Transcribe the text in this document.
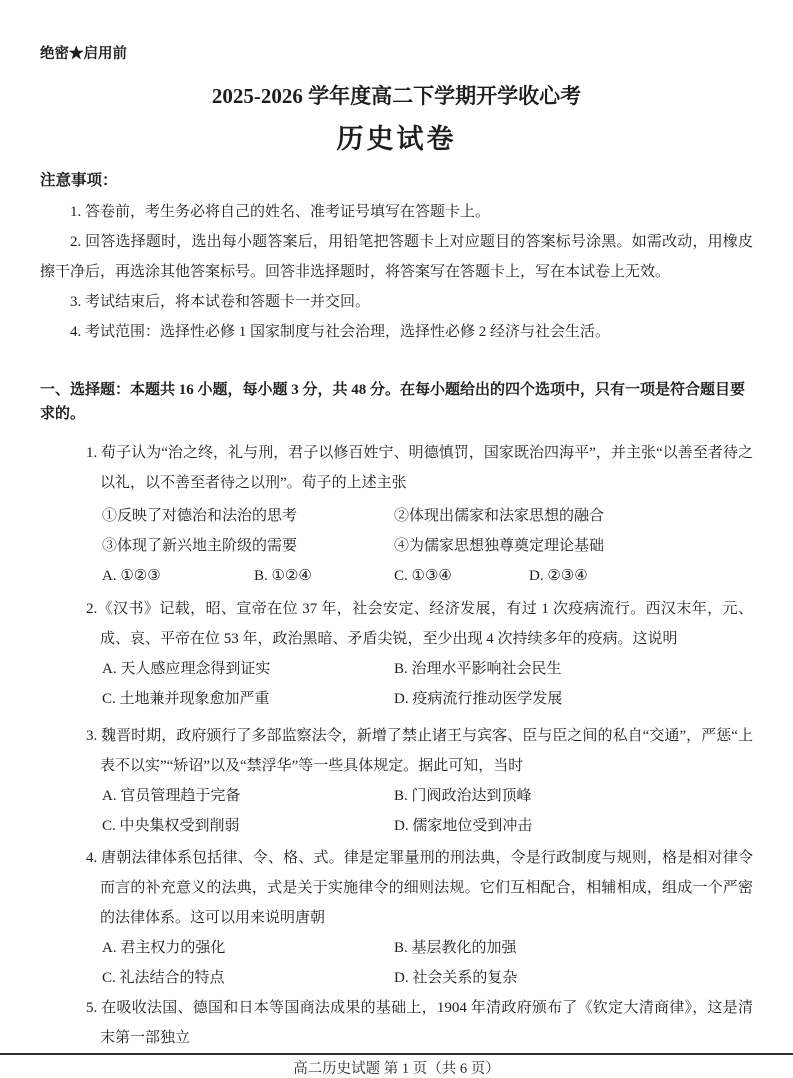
绝密★启用前
2025-2026 学年度高二下学期开学收心考
历史试卷
注意事项：

1. 答卷前，考生务必将自己的姓名、准考证号填写在答题卡上。

2. 回答选择题时，选出每小题答案后，用铅笔把答题卡上对应题目的答案标号涂黑。如需改动，用橡皮擦干净后，再选涂其他答案标号。回答非选择题时，将答案写在答题卡上，写在本试卷上无效。

3. 考试结束后，将本试卷和答题卡一并交回。

4. 考试范围：选择性必修 1 国家制度与社会治理，选择性必修 2 经济与社会生活。

一、选择题：本题共 16 小题，每小题 3 分，共 48 分。在每小题给出的四个选项中，只有一项是符合题目要求的。

1. 荀子认为“治之终，礼与刑，君子以修百姓宁、明德慎罚，国家既治四海平”，并主张“以善至者待之以礼，以不善至者待之以刑”。荀子的上述主张

①反映了对德治和法治的思考	②体现出儒家和法家思想的融合
③体现了新兴地主阶级的需要	④为儒家思想独尊奠定理论基础
A. ①②③	B. ①②④	C. ①③④	D. ②③④

2.《汉书》记载，昭、宣帝在位 37 年，社会安定、经济发展，有过 1 次疫病流行。西汉末年，元、成、哀、平帝在位 53 年，政治黑暗、矛盾尖锐，至少出现 4 次持续多年的疫病。这说明

A. 天人感应理念得到证实	B. 治理水平影响社会民生
C. 土地兼并现象愈加严重	D. 疫病流行推动医学发展

3. 魏晋时期，政府颁行了多部监察法令，新增了禁止诸王与宾客、臣与臣之间的私自“交通”，严惩“上表不以实”“矫诏”以及“禁浮华”等一些具体规定。据此可知，当时

A. 官员管理趋于完备	B. 门阀政治达到顶峰
C. 中央集权受到削弱	D. 儒家地位受到冲击

4. 唐朝法律体系包括律、令、格、式。律是定罪量刑的刑法典，令是行政制度与规则，格是相对律令而言的补充意义的法典，式是关于实施律令的细则法规。它们互相配合，相辅相成，组成一个严密的法律体系。这可以用来说明唐朝

A. 君主权力的强化	B. 基层教化的加强
C. 礼法结合的特点	D. 社会关系的复杂

5. 在吸收法国、德国和日本等国商法成果的基础上，1904 年清政府颁布了《钦定大清商律》，这是清末第一部独立

高二历史试题 第 1 页（共 6 页）
